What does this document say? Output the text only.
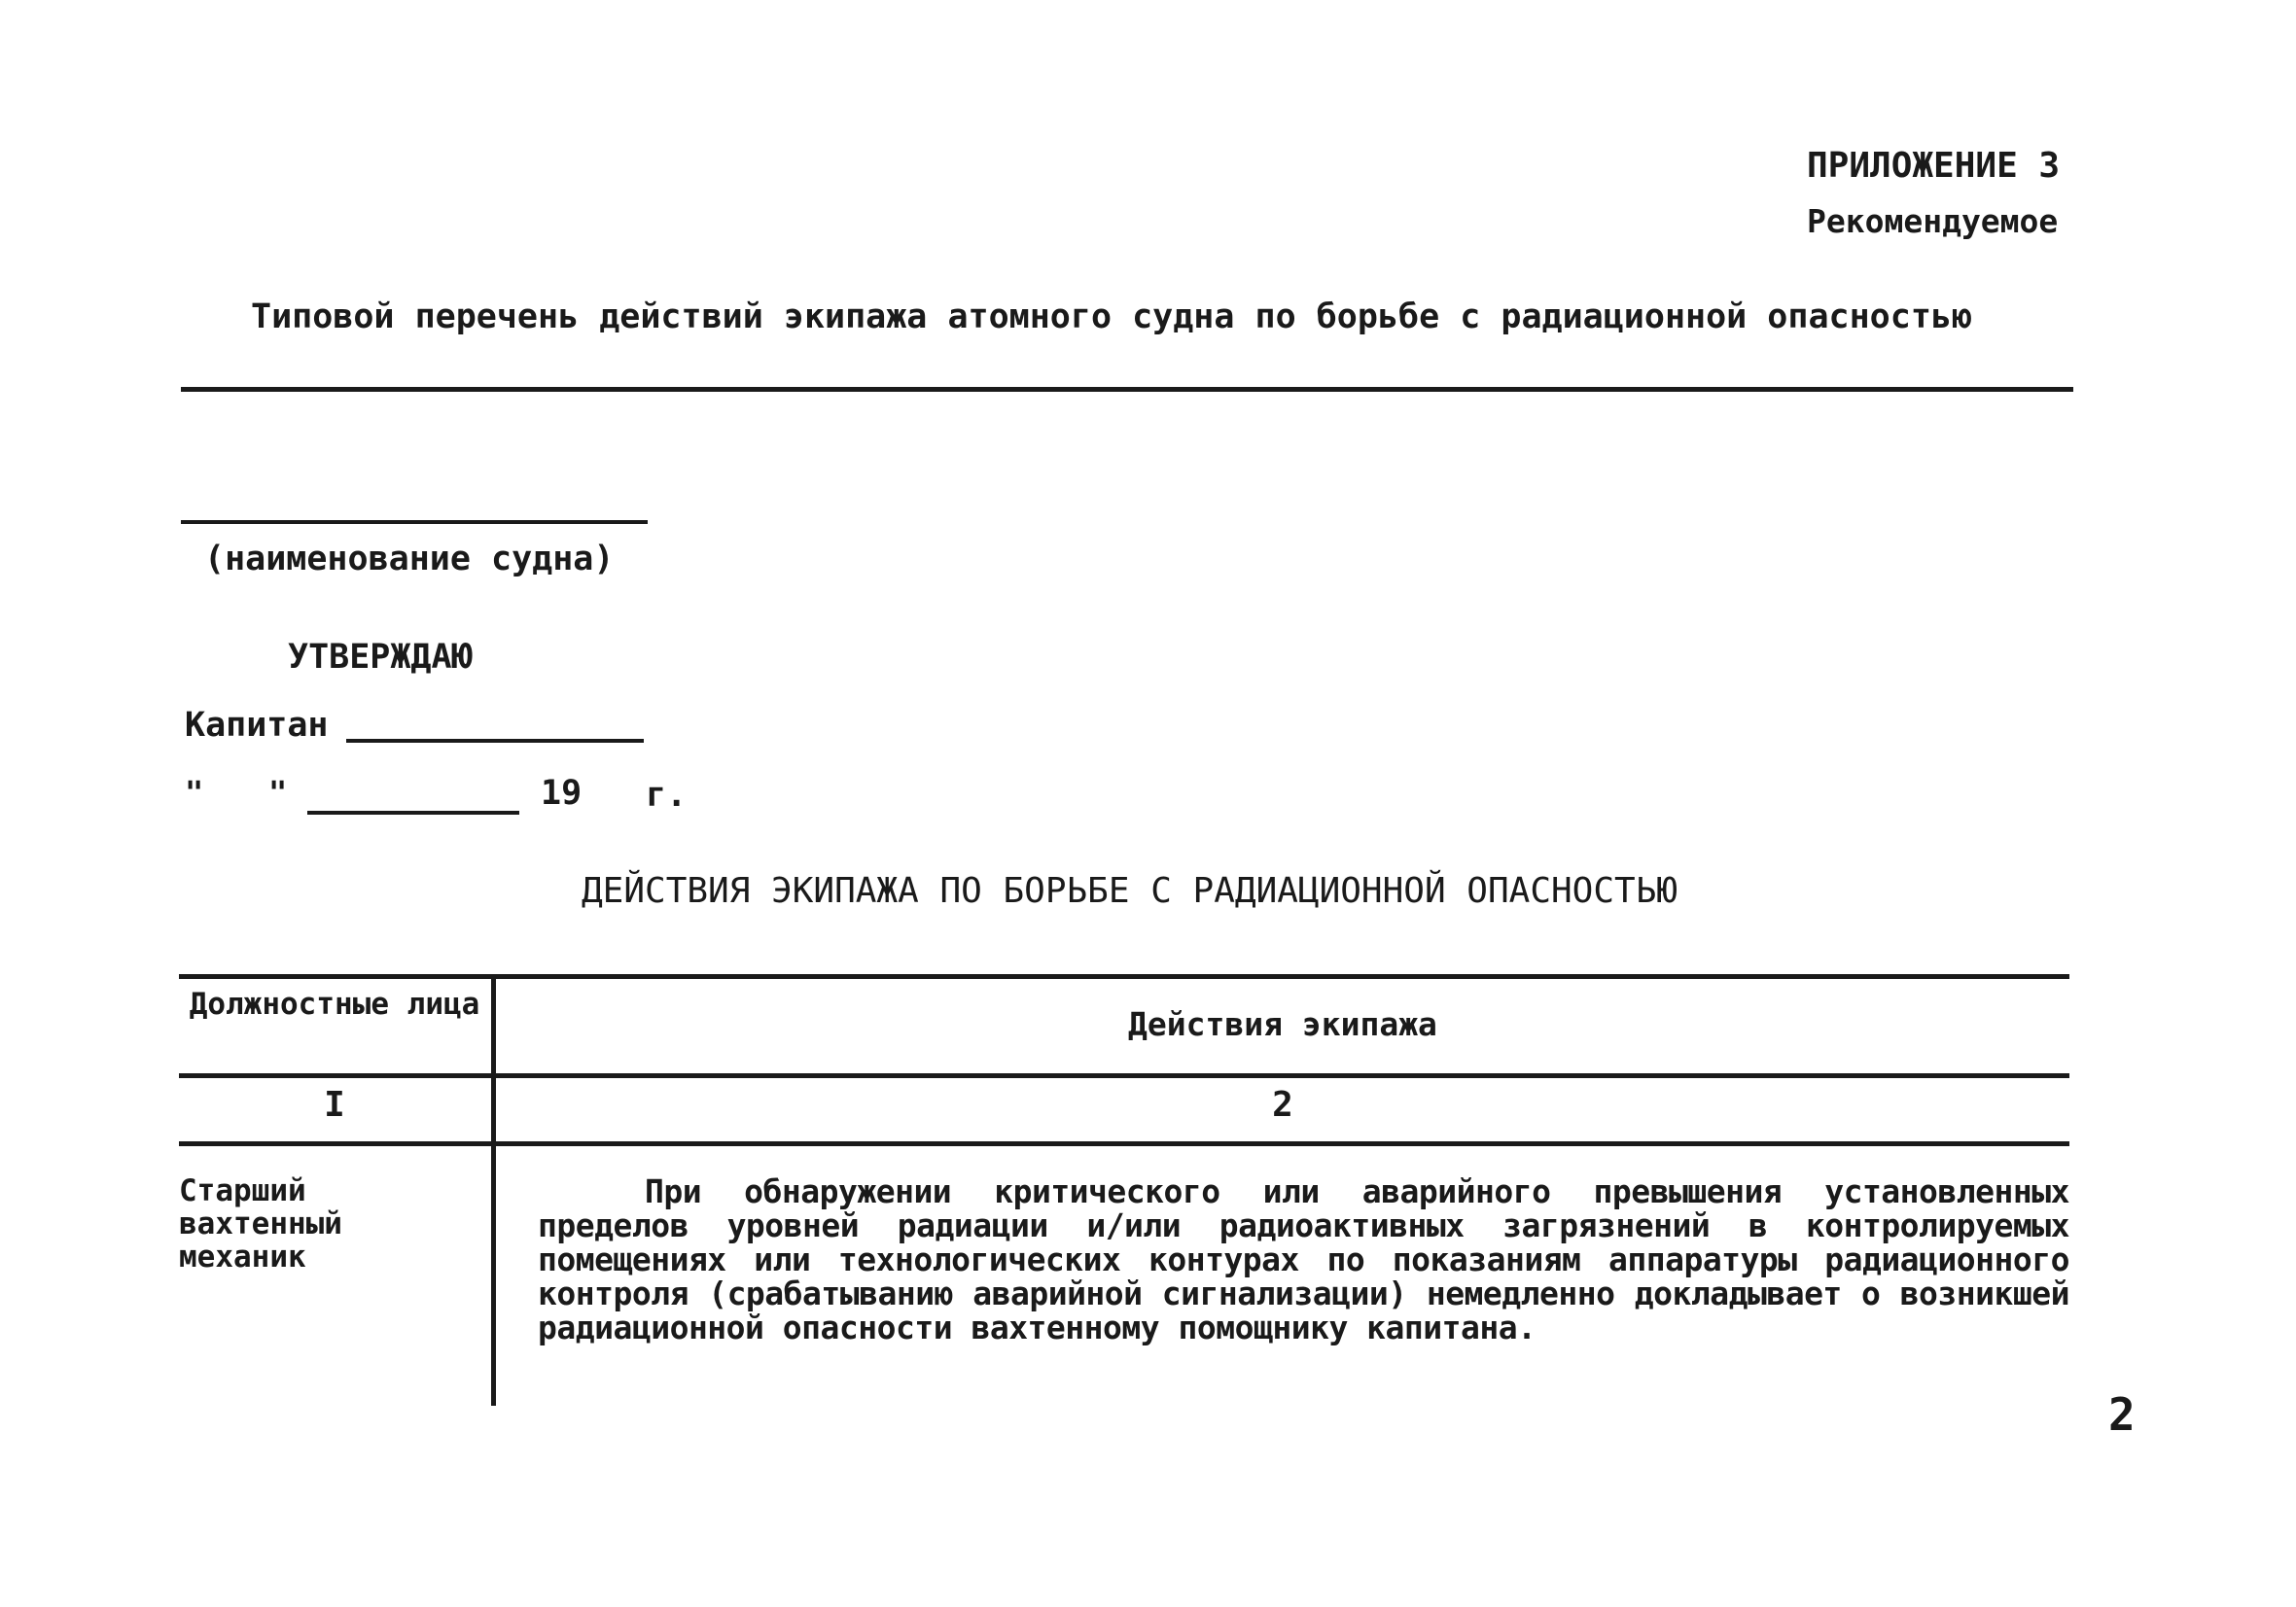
ПРИЛОЖЕНИЕ 3
Рекомендуемое
Типовой перечень действий экипажа атомного судна по борьбе с радиационной опасностью
(наименование судна)
УТВЕРЖДАЮ
Капитан
" "	19 г.
ДЕЙСТВИЯ ЭКИПАЖА ПО БОРЬБЕ С РАДИАЦИОННОЙ ОПАСНОСТЬЮ
Должностные лица
Действия экипажа
I	2
Старший вахтенный механик
При обнаружении критического или аварийного превышения установленных пределов уровней радиации и/или радиоактивных загрязнений в контролируемых помещениях или технологических контурах по показаниям аппаратуры радиационного контроля (срабатыванию аварийной сигнализации) немедленно докладывает о возникшей радиационной опасности вахтенному помощнику капитана.
2
